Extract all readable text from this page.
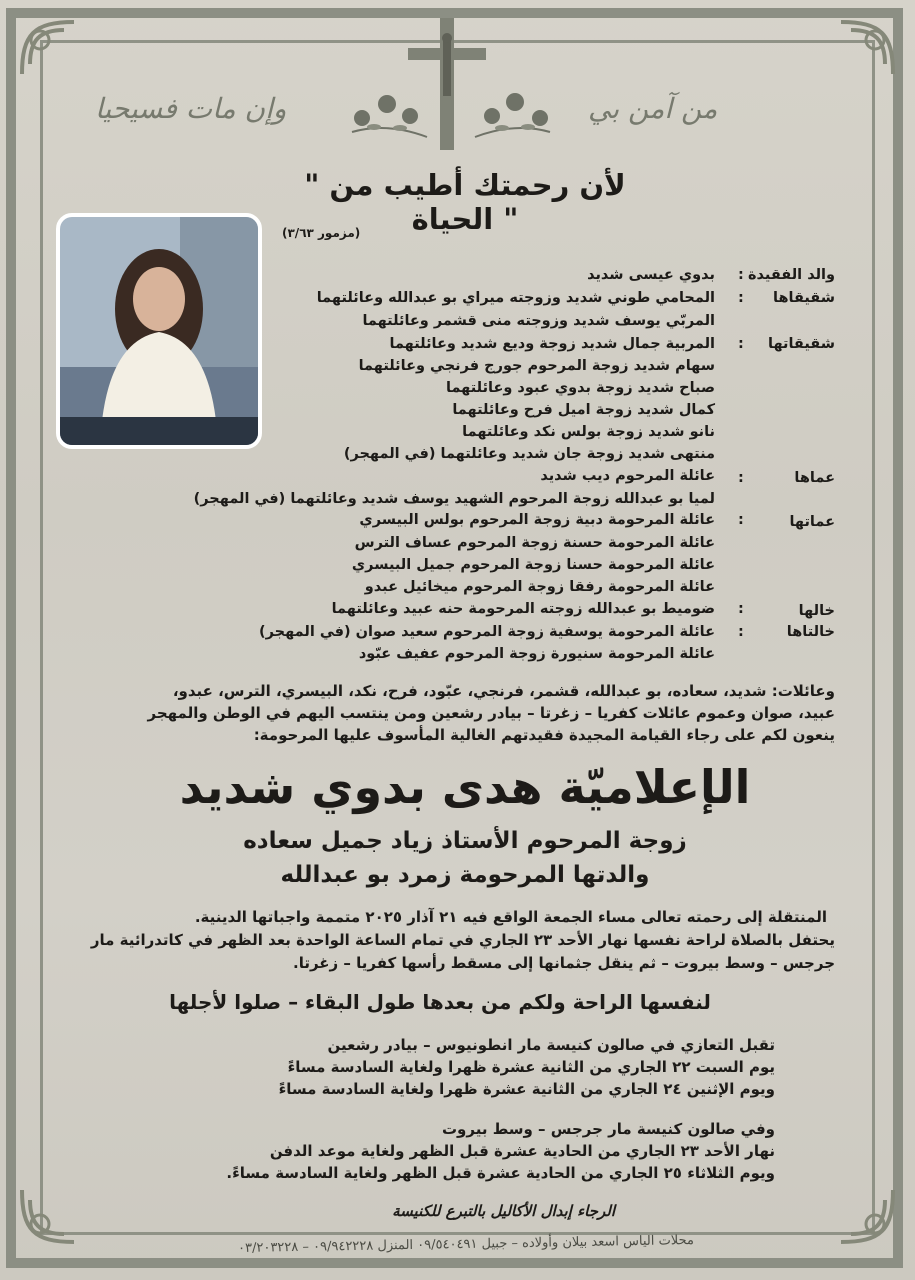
وإن مات فسيحيا	من آمن بي
" لأن رحمتك أطيب من الحياة "
(مزمور ٣/٦٣)
والد الفقيدة
:
بدوي عيسى شديد
شقيقاها
:
المحامي طوني شديد وزوجته ميراي بو عبدالله وعائلتهما
المربّي يوسف شديد وزوجته منى قشمر وعائلتهما
شقيقاتها
:
المربية جمال شديد زوجة وديع شديد وعائلتهما
سهام شديد زوجة المرحوم جورج فرنجي وعائلتهما
صباح شديد زوجة بدوي عبود وعائلتهما
كمال شديد زوجة اميل فرح وعائلتهما
نانو شديد زوجة بولس نكد وعائلتهما
منتهى شديد زوجة جان شديد وعائلتهما (في المهجر)
عماها
:
عائلة المرحوم ديب شديد
لميا بو عبدالله زوجة المرحوم الشهيد يوسف شديد وعائلتهما (في المهجر)
عماتها
:
عائلة المرحومة دبية زوجة المرحوم بولس البيسري
عائلة المرحومة حسنة زوجة المرحوم عساف الترس
عائلة المرحومة حسنا زوجة المرحوم جميل البيسري
عائلة المرحومة رفقا زوجة المرحوم ميخائيل عبدو
خالها
:
ضوميط بو عبدالله زوجته المرحومة حنه عبيد وعائلتهما
خالتاها
:
عائلة المرحومة يوسفية زوجة المرحوم سعيد صوان (في المهجر)
عائلة المرحومة سنيورة زوجة المرحوم عفيف عبّود
وعائلات: شديد، سعاده، بو عبدالله، قشمر، فرنجي، عبّود، فرح، نكد، البيسري، الترس، عبدو،
عبيد، صوان وعموم عائلات كفريا – زغرتا – بيادر رشعين ومن ينتسب اليهم في الوطن والمهجر
ينعون لكم على رجاء القيامة المجيدة فقيدتهم الغالية المأسوف عليها المرحومة:
الإعلاميّة هدى بدوي شديد
زوجة المرحوم الأستاذ زياد جميل سعاده
والدتها المرحومة زمرد بو عبدالله
المنتقلة إلى رحمته تعالى مساء الجمعة الواقع فيه ٢١ آذار ٢٠٢٥ متممة واجباتها الدينية.
يحتفل بالصلاة لراحة نفسها نهار الأحد ٢٣ الجاري في تمام الساعة الواحدة بعد الظهر في كاتدرائية مار
جرجس – وسط بيروت – ثم ينقل جثمانها إلى مسقط رأسها كفريا – زغرتا.
لنفسها الراحة ولكم من بعدها طول البقاء – صلوا لأجلها
تقبل التعازي في صالون كنيسة مار انطونيوس – بيادر رشعين
يوم السبت ٢٢ الجاري من الثانية عشرة ظهرا ولغاية السادسة مساءً
ويوم الإثنين ٢٤ الجاري من الثانية عشرة ظهرا ولغاية السادسة مساءً
وفي صالون كنيسة مار جرجس – وسط بيروت
نهار الأحد ٢٣ الجاري من الحادية عشرة قبل الظهر ولغاية موعد الدفن
ويوم الثلاثاء ٢٥ الجاري من الحادية عشرة قبل الظهر ولغاية السادسة مساءً.
الرجاء إبدال الأكاليل بالتبرع للكنيسة
محلات الياس اسعد بيلان وأولاده – جبيل ٠٩/٥٤٠٤٩١ المنزل ٠٩/٩٤٢٢٢٨ – ٠٣/٢٠٣٢٢٨
